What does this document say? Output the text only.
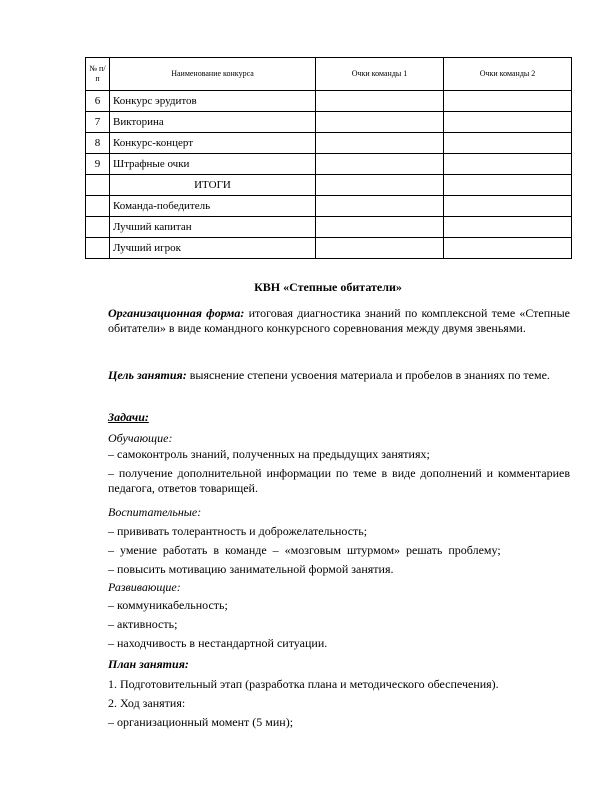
№ п/п	Наименование конкурса	Очки команды 1	Очки команды 2
6	Конкурс эрудитов		
7	Викторина		
8	Конкурс-концерт		
9	Штрафные очки		
	ИТОГИ		
	Команда-победитель		
	Лучший капитан		
	Лучший игрок		
КВН «Степные обитатели»
Организационная форма: итоговая диагностика знаний по комплексной теме «Степные обитатели» в виде командного конкурсного соревнования между двумя звеньями.
Цель занятия: выяснение степени усвоения материала и пробелов в знаниях по теме.
Задачи:
Обучающие:
– самоконтроль знаний, полученных на предыдущих занятиях;
– получение дополнительной информации по теме в виде дополнений и комментариев педагога, ответов товарищей.
Воспитательные:
– прививать толерантность и доброжелательность;
– умение работать в команде – «мозговым штурмом» решать проблему;
– повысить мотивацию занимательной формой занятия.
Развивающие:
– коммуникабельность;
– активность;
– находчивость в нестандартной ситуации.
План занятия:
1. Подготовительный этап (разработка плана и методического обеспечения).
2. Ход занятия:
– организационный момент (5 мин);
